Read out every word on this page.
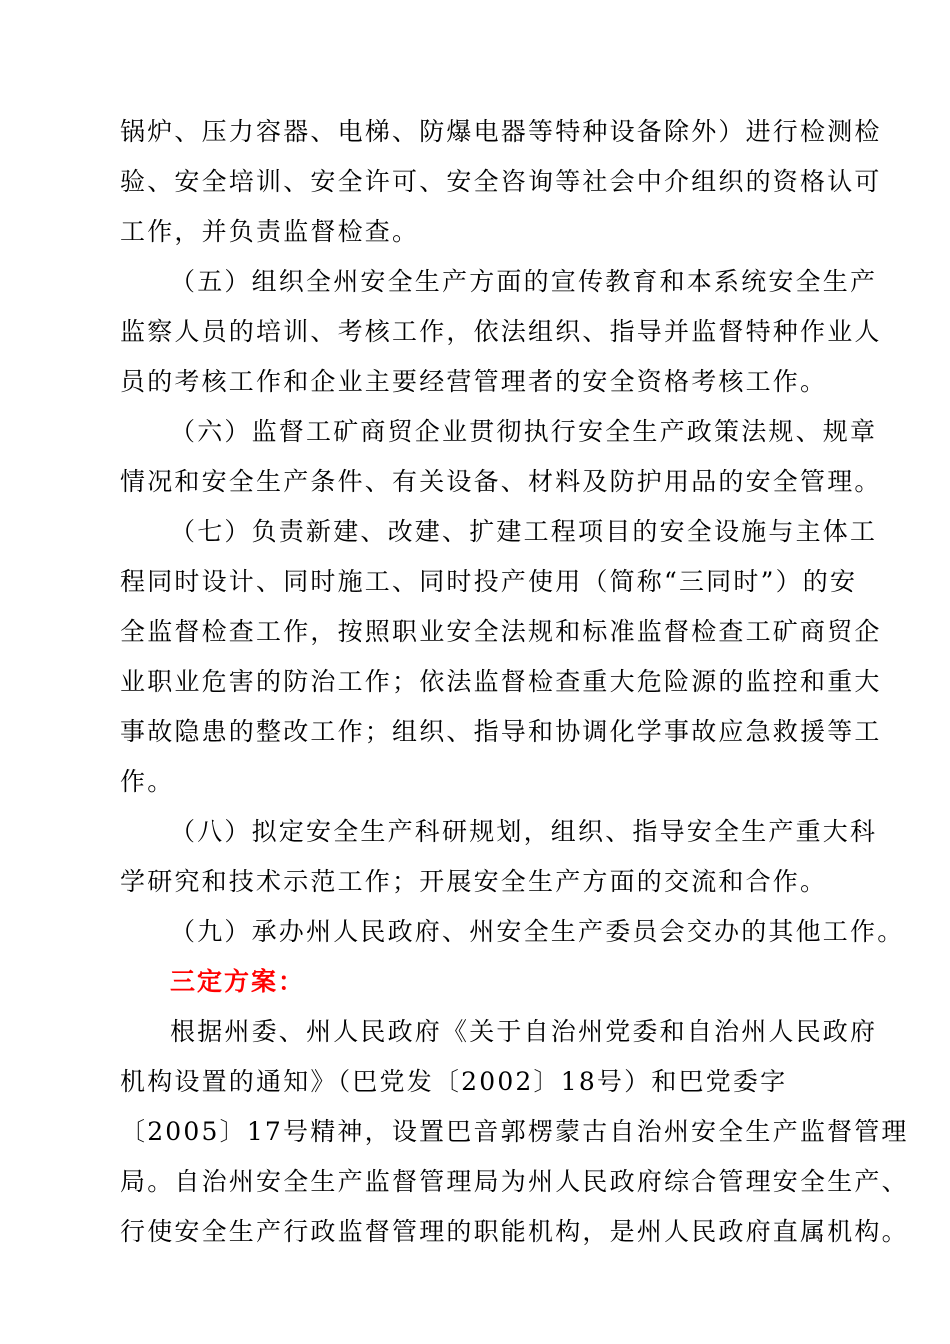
锅炉、压力容器、电梯、防爆电器等特种设备除外）进行检测检
验、安全培训、安全许可、安全咨询等社会中介组织的资格认可
工作，并负责监督检查。
（五）组织全州安全生产方面的宣传教育和本系统安全生产
监察人员的培训、考核工作，依法组织、指导并监督特种作业人
员的考核工作和企业主要经营管理者的安全资格考核工作。
（六）监督工矿商贸企业贯彻执行安全生产政策法规、规章
情况和安全生产条件、有关设备、材料及防护用品的安全管理。
（七）负责新建、改建、扩建工程项目的安全设施与主体工
程同时设计、同时施工、同时投产使用（简称“三同时”）的安
全监督检查工作，按照职业安全法规和标准监督检查工矿商贸企
业职业危害的防治工作；依法监督检查重大危险源的监控和重大
事故隐患的整改工作；组织、指导和协调化学事故应急救援等工
作。
（八）拟定安全生产科研规划，组织、指导安全生产重大科
学研究和技术示范工作；开展安全生产方面的交流和合作。
（九）承办州人民政府、州安全生产委员会交办的其他工作。
三定方案：
根据州委、州人民政府《关于自治州党委和自治州人民政府
机构设置的通知》（巴党发〔2002〕18号）和巴党委字
〔2005〕17号精神，设置巴音郭楞蒙古自治州安全生产监督管理
局。自治州安全生产监督管理局为州人民政府综合管理安全生产、
行使安全生产行政监督管理的职能机构，是州人民政府直属机构。
